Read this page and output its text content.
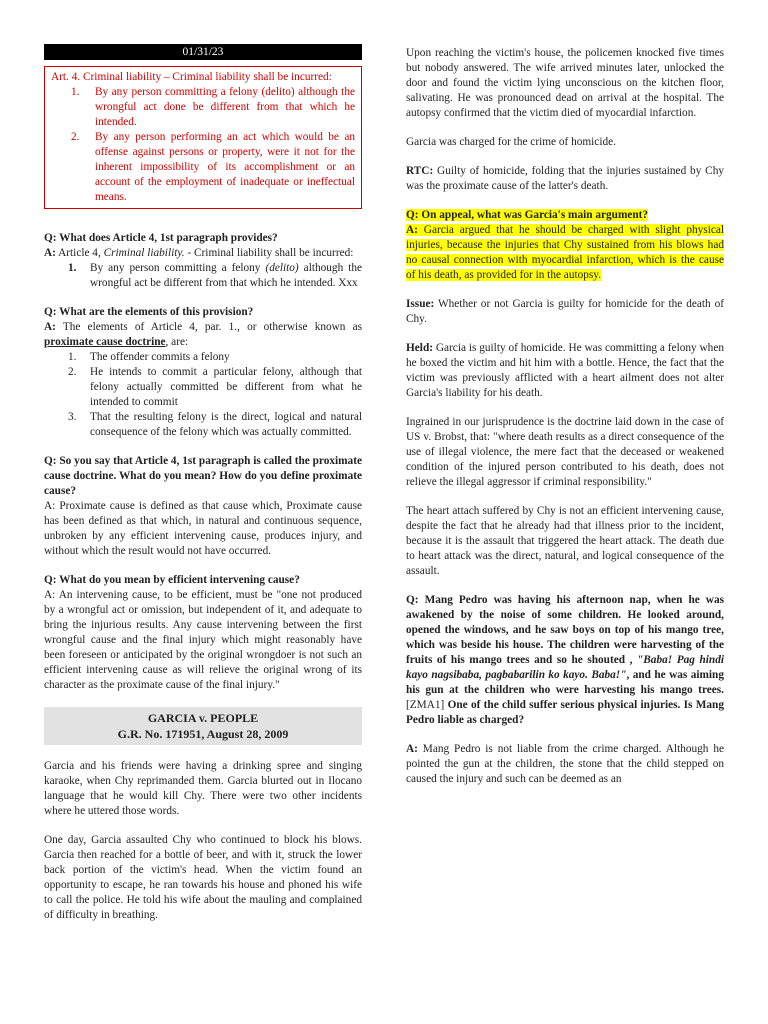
01/31/23

Art. 4. Criminal liability – Criminal liability shall be incurred:

1. By any person committing a felony (delito) although the wrongful act done be different from that which he intended.
2. By any person performing an act which would be an offense against persons or property, were it not for the inherent impossibility of its accomplishment or an account of the employment of inadequate or ineffectual means.
Q: What does Article 4, 1st paragraph provides?
A: Article 4, Criminal liability. - Criminal liability shall be incurred:
1. By any person committing a felony (delito) although the wrongful act be different from that which he intended. Xxx

Q: What are the elements of this provision?
A: The elements of Article 4, par. 1., or otherwise known as proximate cause doctrine, are:
1. The offender commits a felony
2. He intends to commit a particular felony, although that felony actually committed be different from what he intended to commit
3. That the resulting felony is the direct, logical and natural consequence of the felony which was actually committed.
Q: So you say that Article 4, 1st paragraph is called the proximate cause doctrine. What do you mean? How do you define proximate cause?
A: Proximate cause is defined as that cause which, Proximate cause has been defined as that which, in natural and continuous sequence, unbroken by any efficient intervening cause, produces injury, and without which the result would not have occurred.
Q: What do you mean by efficient intervening cause?
A: An intervening cause, to be efficient, must be "one not produced by a wrongful act or omission, but independent of it, and adequate to bring the injurious results. Any cause intervening between the first wrongful cause and the final injury which might reasonably have been foreseen or anticipated by the original wrongdoer is not such an efficient intervening cause as will relieve the original wrong of its character as the proximate cause of the final injury."
GARCIA v. PEOPLE
G.R. No. 171951, August 28, 2009

Garcia and his friends were having a drinking spree and singing karaoke, when Chy reprimanded them. Garcia blurted out in Ilocano language that he would kill Chy. There were two other incidents where he uttered those words.

One day, Garcia assaulted Chy who continued to block his blows. Garcia then reached for a bottle of beer, and with it, struck the lower back portion of the victim's head. When the victim found an opportunity to escape, he ran towards his house and phoned his wife to call the police. He told his wife about the mauling and complained of difficulty in breathing.

Upon reaching the victim's house, the policemen knocked five times but nobody answered. The wife arrived minutes later, unlocked the door and found the victim lying unconscious on the kitchen floor, salivating. He was pronounced dead on arrival at the hospital. The autopsy confirmed that the victim died of myocardial infarction.

Garcia was charged for the crime of homicide.

RTC: Guilty of homicide, folding that the injuries sustained by Chy was the proximate cause of the latter's death.

Q: On appeal, what was Garcia's main argument?
A: Garcia argued that he should be charged with slight physical injuries, because the injuries that Chy sustained from his blows had no causal connection with myocardial infarction, which is the cause of his death, as provided for in the autopsy.

Issue: Whether or not Garcia is guilty for homicide for the death of Chy.

Held: Garcia is guilty of homicide. He was committing a felony when he boxed the victim and hit him with a bottle. Hence, the fact that the victim was previously afflicted with a heart ailment does not alter Garcia's liability for his death.

Ingrained in our jurisprudence is the doctrine laid down in the case of US v. Brobst, that: "where death results as a direct consequence of the use of illegal violence, the mere fact that the deceased or weakened condition of the injured person contributed to his death, does not relieve the illegal aggressor if criminal responsibility."

The heart attach suffered by Chy is not an efficient intervening cause, despite the fact that he already had that illness prior to the incident, because it is the assault that triggered the heart attack. The death due to heart attack was the direct, natural, and logical consequence of the assault.

Q: Mang Pedro was having his afternoon nap, when he was awakened by the noise of some children. He looked around, opened the windows, and he saw boys on top of his mango tree, which was beside his house. The children were harvesting of the fruits of his mango trees and so he shouted , "Baba! Pag hindi kayo nagsibaba, pagbabarilin ko kayo. Baba!", and he was aiming his gun at the children who were harvesting his mango trees. [ZMA1] One of the child suffer serious physical injuries. Is Mang Pedro liable as charged?

A: Mang Pedro is not liable from the crime charged. Although he pointed the gun at the children, the stone that the child stepped on caused the injury and such can be deemed as an
